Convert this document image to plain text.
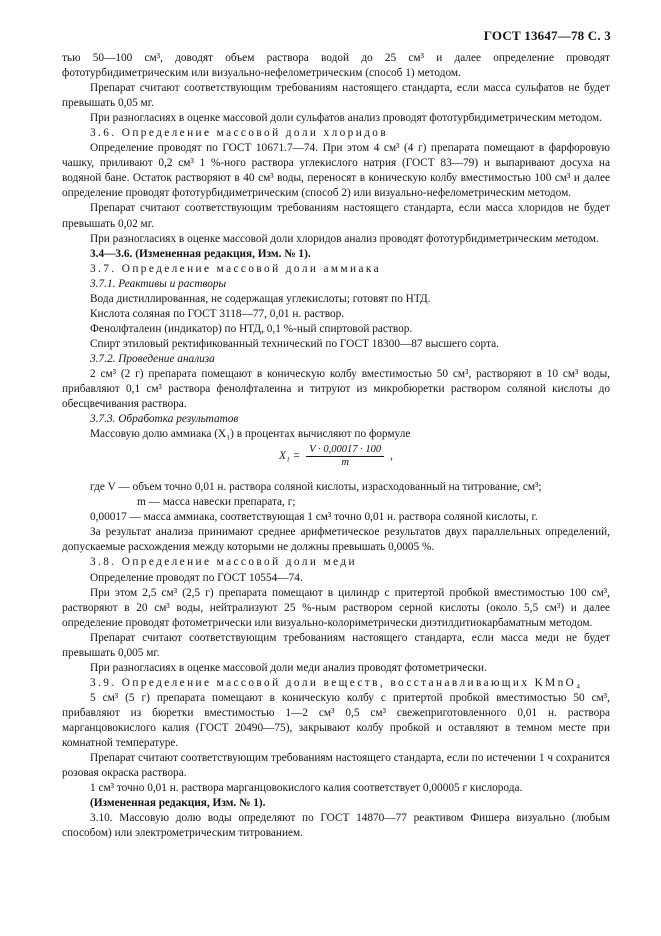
ГОСТ 13647—78 С. 3

тью 50—100 см³, доводят объем раствора водой до 25 см³ и далее определение проводят фототурбидиметрическим или визуально-нефелометрическим (способ 1) методом.

Препарат считают соответствующим требованиям настоящего стандарта, если масса сульфатов не будет превышать 0,05 мг.

При разногласиях в оценке массовой доли сульфатов анализ проводят фототурбидиметрическим методом.

3.6. Определение массовой доли хлоридов

Определение проводят по ГОСТ 10671.7—74. При этом 4 см³ (4 г) препарата помещают в фарфоровую чашку, приливают 0,2 см³ 1 %-ного раствора углекислого натрия (ГОСТ 83—79) и выпаривают досуха на водяной бане. Остаток растворяют в 40 см³ воды, переносят в коническую колбу вместимостью 100 см³ и далее определение проводят фототурбидиметрическим (способ 2) или визуально-нефелометрическим методом.

Препарат считают соответствующим требованиям настоящего стандарта, если масса хлоридов не будет превышать 0,02 мг.

При разногласиях в оценке массовой доли хлоридов анализ проводят фототурбидиметрическим методом.

3.4—3.6. (Измененная редакция, Изм. № 1).

3.7. Определение массовой доли аммиака

3.7.1. Реактивы и растворы

Вода дистиллированная, не содержащая углекислоты; готовят по НТД.

Кислота соляная по ГОСТ 3118—77, 0,01 н. раствор.

Фенолфталеин (индикатор) по НТД, 0,1 %-ный спиртовой раствор.

Спирт этиловый ректификованный технический по ГОСТ 18300—87 высшего сорта.

3.7.2. Проведение анализа

2 см³ (2 г) препарата помещают в коническую колбу вместимостью 50 см³, растворяют в 10 см³ воды, прибавляют 0,1 см³ раствора фенолфталеина и титруют из микробюретки раствором соляной кислоты до обесцвечивания раствора.

3.7.3. Обработка результатов

Массовую долю аммиака (X₁) в процентах вычисляют по формуле

$X_1 = \frac{V \cdot 0,00017 \cdot 100}{m}$ ,

где V — объем точно 0,01 н. раствора соляной кислоты, израсходованный на титрование, см³;

m — масса навески препарата, г;

0,00017 — масса аммиака, соответствующая 1 см³ точно 0,01 н. раствора соляной кислоты, г.

За результат анализа принимают среднее арифметическое результатов двух параллельных определений, допускаемые расхождения между которыми не должны превышать 0,0005 %.

3.8. Определение массовой доли меди

Определение проводят по ГОСТ 10554—74.

При этом 2,5 см³ (2,5 г) препарата помещают в цилиндр с притертой пробкой вместимостью 100 см³, растворяют в 20 см³ воды, нейтрализуют 25 %-ным раствором серной кислоты (около 5,5 см³) и далее определение проводят фотометрически или визуально-колориметрически диэтилдитиокарбаматным методом.

Препарат считают соответствующим требованиям настоящего стандарта, если масса меди не будет превышать 0,005 мг.

При разногласиях в оценке массовой доли меди анализ проводят фотометрически.

3.9. Определение массовой доли веществ, восстанавливающих KMnO₄

5 см³ (5 г) препарата помещают в коническую колбу с притертой пробкой вместимостью 50 см³, прибавляют из бюретки вместимостью 1—2 см³ 0,5 см³ свежеприготовленного 0,01 н. раствора марганцовокислого калия (ГОСТ 20490—75), закрывают колбу пробкой и оставляют в темном месте при комнатной температуре.

Препарат считают соответствующим требованиям настоящего стандарта, если по истечении 1 ч сохранится розовая окраска раствора.

1 см³ точно 0,01 н. раствора марганцовокислого калия соответствует 0,00005 г кислорода.

(Измененная редакция, Изм. № 1).

3.10. Массовую долю воды определяют по ГОСТ 14870—77 реактивом Фишера визуально (любым способом) или электрометрическим титрованием.
